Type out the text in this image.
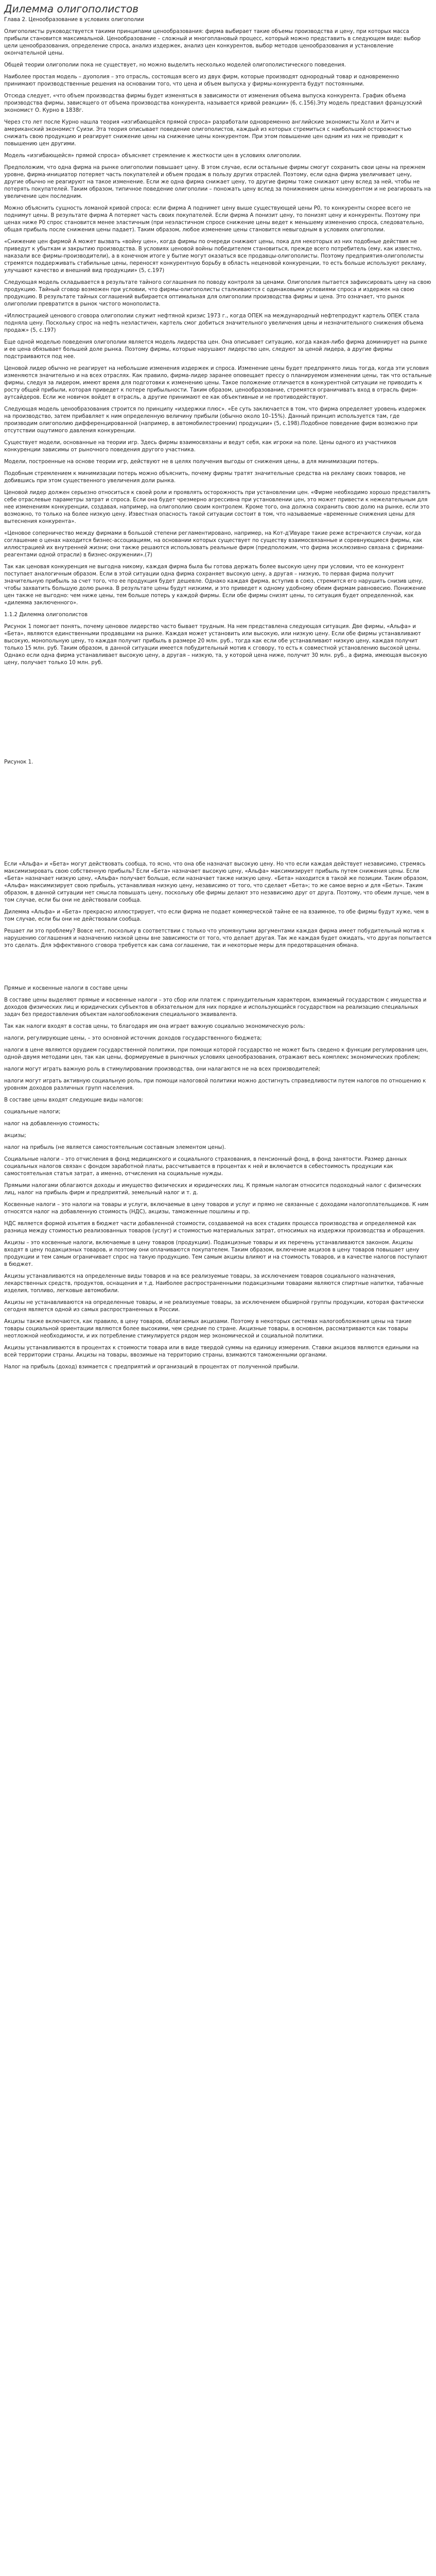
Дилемма олигополистов

Глава 2. Ценообразование в условиях олигополии

Олигополисты руководствуется такими принципами ценообразования: фирма выбирает такие объемы производства и цену, при которых масса прибыли становится максимальной. Ценообразование – сложный и многоплановый процесс, который можно представить в следующем виде: выбор цели ценообразования, определение спроса, анализ издержек, анализ цен конкурентов, выбор методов ценообразования и установление окончательной цены.

Общей теории олигополии пока не существует, но можно выделить несколько моделей олигополистического поведения.

Наиболее простая модель – дуополия – это отрасль, состоящая всего из двух фирм, которые производят однородный товар и одновременно принимают производственные решения на основании того, что цена и объем выпуска у фирмы-конкурента будут постоянными.

Отсюда следует, «что объем производства фирмы будет изменяться в зависимости от изменения объема выпуска конкурента. График объема производства фирмы, зависящего от объема производства конкурента, называется кривой реакции» (6, с.156).Эту модель представил французский экономист О. Курно в 1838г.

Через сто лет после Курно нашла теория «изгибающейся прямой спроса» разработали одновременно английские экономисты Холл и Хитч и американский экономист Суизи. Эта теория описывает поведение олигополистов, каждый из которых стремиться с наибольшей осторожностью снижать свою продукцию и реагирует снижение цены на снижение цены конкурентом. При этом повышение цен одним из них не приводит к повышению цен другими.

Модель «изгибающейся» прямой спроса» объясняет стремление к жесткости цен в условиях олигополии.

Предположим, что одна фирма на рынке олигополии повышает цену. В этом случае, если остальные фирмы смогут сохранить свои цены на прежнем уровне, фирма-инициатор потеряет часть покупателей и объем продаж в пользу других отраслей. Поэтому, если одна фирма увеличивает цену, другие обычно не реагируют на такое изменение. Если же одна фирма снижает цену, то другие фирмы тоже снижают цену вслед за ней, чтобы не потерять покупателей. Таким образом, типичное поведение олигополии – поножать цену вслед за понижением цены конкурентом и не реагировать на увеличение цен последним.

Можно объяснить сущность ломаной кривой спроса: если фирма A поднимет цену выше существующей цены P0, то конкуренты скорее всего не поднимут цены. В результате фирма A потеряет часть своих покупателей. Если фирма A понизит цену, то понизят цену и конкуренты. Поэтому при ценах ниже P0 спрос становится менее эластичным (при неэластичном спросе снижение цены ведет к меньшему изменению спроса, следовательно, общая прибыль после снижения цены падает). Таким образом, любое изменение цены становится невыгодным в условиях олигополии.

«Снижение цен фирмой A может вызвать «войну цен», когда фирмы по очереди снижают цены, пока для некоторых из них подобные действия не приведут к убыткам и закрытию производства. В условиях ценовой войны победителем становиться, прежде всего потребитель (ему, как известно, наказали все фирмы-производители), а в конечном итоге у бытие могут оказаться все продавцы-олигополисты. Поэтому предприятия-олигополисты стремятся поддерживать стабильные цены, переносят конкурентную борьбу в область неценовой конкуренции, то есть больше используют рекламу, улучшают качество и внешний вид продукции» (5, с.197)

Следующая модель складывается в результате тайного соглашения по поводу контроля за ценами. Олигополия пытается зафиксировать цену на свою продукцию. Тайный сговор возможен при условии, что фирмы-олигополисты сталкиваются с одинаковыми условиями спроса и издержек на свою продукцию. В результате тайных соглашений выбирается оптимальная для олигополии производства фирмы и цена. Это означает, что рынок олигополии превратится в рынок чистого монополиста.

«Иллюстрацией ценового сговора олигополии служит нефтяной кризис 1973 г., когда ОПЕК на международный нефтепродукт картель ОПЕК стала подняла цену. Поскольку спрос на нефть неэластичен, картель смог добиться значительного увеличения цены и незначительного снижения объема продаж» (5, с.197)

Еще одной моделью поведения олигополии является модель лидерства цен. Она описывает ситуацию, когда какая-либо фирма доминирует на рынке и ее цена обязывает большей доле рынка. Поэтому фирмы, которые нарушают лидерство цен, следуют за ценой лидера, а другие фирмы подстраиваются под нее.

Ценовой лидер обычно не реагирует на небольшие изменения издержек и спроса. Изменение цены будет предпринято лишь тогда, когда эти условия изменяются значительно и на всех отраслях. Как правило, фирма-лидер заранее оповещает прессу о планируемом изменении цены, так что остальные фирмы, следуя за лидером, имеют время для подготовки к изменению цены. Такое положение отличается в конкурентной ситуации не приводить к росту общей прибыли, которая приведет к потере прибыльности. Таким образом, ценообразование, стремятся ограничивать вход в отрасль фирм-аутсайдеров. Если же новичок войдет в отрасль, а другие принимают ее как объективные и не противодействуют.

Следующая модель ценообразования строится по принципу «издержки плюс». «Ее суть заключается в том, что фирма определяет уровень издержек на производство, затем прибавляет к ним определенную величину прибыли (обычно около 10–15%). Данный принцип используется там, где производим олигополию дифференцированной (например, в автомобилестроении) продукции» (5, с.198).Подобное поведение фирм возможно при отсутствии ощутимого давления конкуренции.

Существует модели, основанные на теории игр. Здесь фирмы взаимосвязаны и ведут себя, как игроки на поле. Цены одного из участников конкуренции зависимы от рыночного поведения другого участника.

Модели, построенные на основе теории игр, действуют не в целях получения выгоды от снижения цены, а для минимизации потерь.

Подобным стремлением к минимизации потерь можно объяснить, почему фирмы тратят значительные средства на рекламу своих товаров, не добившись при этом существенного увеличения доли рынка.

Ценовой лидер должен серьезно относиться к своей роли и проявлять осторожность при установлении цен. «Фирме необходимо хорошо представлять себе отраслевые параметры затрат и спроса. Если она будет чрезмерно агрессивна при установлении цен, это может привести к нежелательным для нее изменениям конкуренции, создавая, например, на олигополию своим контролем. Кроме того, она должна сохранить свою долю на рынке, если это возможно, то только на более низкую цену. Известная опасность такой ситуации состоит в том, что называемые «временные снижения цены для вытеснения конкурента».

«Ценовое соперничество между фирмами в большой степени регламентировано, например, на Кот-д'Ивуаре такие реже встречаются случаи, когда соглашение о ценах находится бизнес-ассоциациям, на основании которых существует по существу взаимосвязанные и соревнующиеся фирмы, как иллюстрацией их внутренней жизни; они также решаются использовать реальные фирм (предположим, что фирма эксклюзивно связана с фирмами-реагентами одной отрасли) в бизнес-окружении».(7)

Так как ценовая конкуренция не выгодна никому, каждая фирма была бы готова держать более высокую цену при условии, что ее конкурент поступает аналогичным образом. Если в этой ситуации одна фирма сохраняет высокую цену, а другая – низкую, то первая фирма получит значительную прибыль за счет того, что ее продукция будет дешевле. Однако каждая фирма, вступив в союз, стремится его нарушить снизив цену, чтобы захватить большую долю рынка. В результате цены будут низкими, и это приведет к одному удобному обеим фирмам равновесию. Понижение цен также не выгодно: чем ниже цены, тем больше потерь у каждой фирмы. Если обе фирмы снизят цены, то ситуация будет определенной, как «дилемма заключенного».

1.1.2 Дилемма олигополистов

Рисунок 1 помогает понять, почему ценовое лидерство часто бывает трудным. На нем представлена следующая ситуация. Две фирмы, «Альфа» и «Бета», являются единственными продавцами на рынке. Каждая может установить или высокую, или низкую цену. Если обе фирмы устанавливают высокую, монопольную цену, то каждая получит прибыль в размере 20 млн. руб., тогда как если обе устанавливают низкую цену, каждая получит только 15 млн. руб. Таким образом, в данной ситуации имеется побудительный мотив к сговору, то есть к совместной установлению высокой цены. Однако если одна фирма устанавливает высокую цену, а другая – низкую, та, у которой цена ниже, получит 30 млн. руб., а фирма, имеющая высокую цену, получает только 10 млн. руб.

Рисунок 1.

Если «Альфа» и «Бета» могут действовать сообща, то ясно, что она обе назначат высокую цену. Но что если каждая действует независимо, стремясь максимизировать свою собственную прибыль? Если «Бета» назначает высокую цену, «Альфа» максимизирует прибыль путем снижения цены. Если «Бета» назначает низкую цену, «Альфа» получает больше, если назначает также низкую цену. «Бета» находится в такой же позиции. Таким образом, «Альфа» максимизирует свою прибыль, устанавливая низкую цену, независимо от того, что сделает «Бета»; то же самое верно и для «Беты». Таким образом, в данной ситуации нет смысла повышать цену, поскольку обе фирмы делают это независимо друг от друга. Поэтому, что обеим лучше, чем в том случае, если бы они не действовали сообща.

Дилемма «Альфа» и «Бета» прекрасно иллюстрирует, что если фирма не подает коммерческой тайне ее на взаимное, то обе фирмы будут хуже, чем в том случае, если бы они не действовали сообща.

Решает ли это проблему? Вовсе нет, поскольку в соответствии с только что упомянутыми аргументами каждая фирма имеет побудительный мотив к нарушению соглашения и назначению низкой цены вне зависимости от того, что делает другая. Так же каждая будет ожидать, что другая попытается это сделать. Для эффективного сговора требуется как сама соглашение, так и некоторые меры для предотвращения обмана.

Прямые и косвенные налоги в составе цены

В составе цены выделяют прямые и косвенные налоги – это сбор или платеж с принудительным характером, взимаемый государством с имущества и доходов физических лиц и юридических субъектов в обязательном для них порядке и использующийся государством на реализацию специальных задач без предоставления объектам налогообложения специального эквивалента.

Так как налоги входят в состав цены, то благодаря им она играет важную социально экономическую роль:

налоги, регулирующие цены, – это основной источник доходов государственного бюджета;

налоги в цене являются орудием государственной политики, при помощи которой государство не может быть сведено к функции регулирования цен, одной-двумя методами цен, так как цены, формируемые в рыночных условиях ценообразования, отражают весь комплекс экономических проблем;

налоги могут играть важную роль в стимулировании производства, они налагаются не на всех производителей;

налоги могут играть активную социальную роль, при помощи налоговой политики можно достигнуть справедливости путем налогов по отношению к уровням доходов различных групп населения.

В составе цены входят следующие виды налогов:

социальные налоги;

налог на добавленную стоимость;

акцизы;

налог на прибыль (не является самостоятельным составным элементом цены).

Социальные налоги – это отчисления в фонд медицинского и социального страхования, в пенсионный фонд, в фонд занятости. Размер данных социальных налогов связан с фондом заработной платы, рассчитывается в процентах к ней и включается в себестоимость продукции как самостоятельная статья затрат, а именно, отчисления на социальные нужды.

Прямыми налогами облагаются доходы и имущество физических и юридических лиц. К прямым налогам относится подоходный налог с физических лиц, налог на прибыль фирм и предприятий, земельный налог и т. д.

Косвенные налоги – это налоги на товары и услуги, включаемые в цену товаров и услуг и прямо не связанные с доходами налогоплательщиков. К ним относятся налог на добавленную стоимость (НДС), акцизы, таможенные пошлины и пр.

НДС является формой изъятия в бюджет части добавленной стоимости, создаваемой на всех стадиях процесса производства и определяемой как разница между стоимостью реализованных товаров (услуг) и стоимостью материальных затрат, относимых на издержки производства и обращения.

Акцизы – это косвенные налоги, включаемые в цену товаров (продукции). Подакцизные товары и их перечень устанавливаются законом. Акцизы входят в цену подакцизных товаров, и поэтому они оплачиваются покупателем. Таким образом, включение акцизов в цену товаров повышает цену продукции и тем самым ограничивает спрос на такую продукцию. Тем самым акцизы влияют и на стоимость товаров, и в качестве налогов поступают в бюджет.

Акцизы устанавливаются на определенные виды товаров и на все реализуемые товары, за исключением товаров социального назначения, лекарственных средств, продуктов, оснащения и т.д. Наиболее распространенными подакцизными товарами являются спиртные напитки, табачные изделия, топливо, легковые автомобили.

Акцизы не устанавливаются на определенные товары, и не реализуемые товары, за исключением обширной группы продукции, которая фактически сегодня является одной из самых распространенных в России.

Акцизы также включаются, как правило, в цену товаров, облагаемых акцизами. Поэтому в некоторых системах налогообложения цены на такие товары социальной ориентации являются более высокими, чем средние по стране. Акцизные товары, в основном, рассматриваются как товары неотложной необходимости, и их потребление стимулируется рядом мер экономической и социальной политики.

Акцизы устанавливаются в процентах к стоимости товара или в виде твердой суммы на единицу измерения. Ставки акцизов являются едиными на всей территории страны. Акцизы на товары, ввозимые на территорию страны, взимаются таможенными органами.

Налог на прибыль (доход) взимается с предприятий и организаций в процентах от полученной прибыли.
